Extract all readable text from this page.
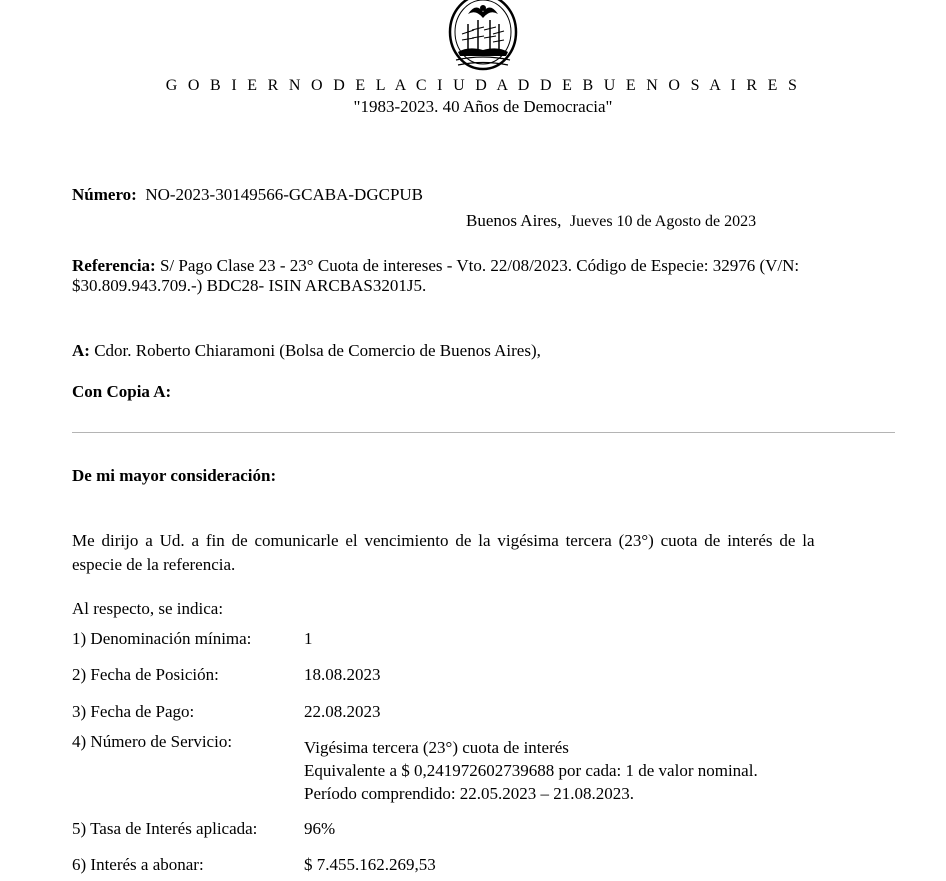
G O B I E R N O D E L A C I U D A D D E B U E N O S A I R E S
"1983-2023. 40 Años de Democracia"
Número: NO-2023-30149566-GCABA-DGCPUB
Buenos Aires, Jueves 10 de Agosto de 2023
Referencia: S/ Pago Clase 23 - 23° Cuota de intereses - Vto. 22/08/2023. Código de Especie: 32976 (V/N:
$30.809.943.709.-) BDC28- ISIN ARCBAS3201J5.
A: Cdor. Roberto Chiaramoni (Bolsa de Comercio de Buenos Aires),
Con Copia A:
De mi mayor consideración:
Me dirijo a Ud. a fin de comunicarle el vencimiento de la vigésima tercera (23°) cuota de interés de la
especie de la referencia.
Al respecto, se indica:
1) Denominación mínima:	1
2) Fecha de Posición:	18.08.2023
3) Fecha de Pago:	22.08.2023
4) Número de Servicio:	Vigésima tercera (23°) cuota de interés
Equivalente a $ 0,241972602739688 por cada: 1 de valor nominal.
Período comprendido: 22.05.2023 – 21.08.2023.
5) Tasa de Interés aplicada:	96%
6) Interés a abonar:	$ 7.455.162.269,53
